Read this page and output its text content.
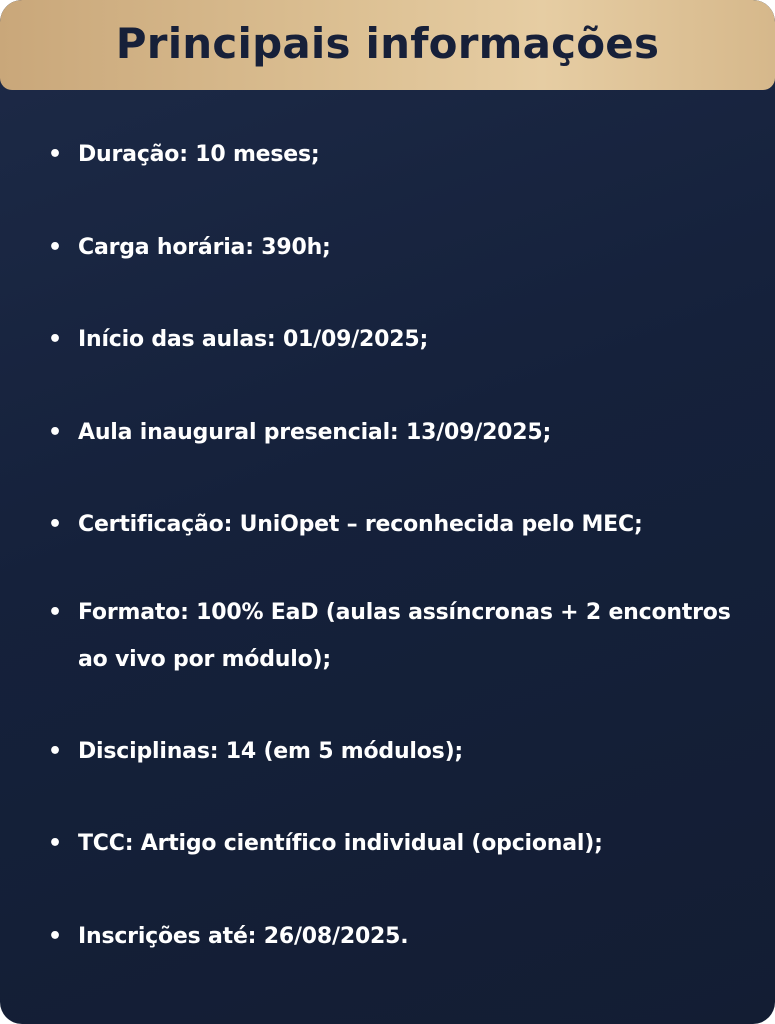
Principais informações
• Duração: 10 meses;
• Carga horária: 390h;
• Início das aulas: 01/09/2025;
• Aula inaugural presencial: 13/09/2025;
• Certificação: UniOpet – reconhecida pelo MEC;
• Formato: 100% EaD (aulas assíncronas + 2 encontros ao vivo por módulo);
• Disciplinas: 14 (em 5 módulos);
• TCC: Artigo científico individual (opcional);
• Inscrições até: 26/08/2025.
